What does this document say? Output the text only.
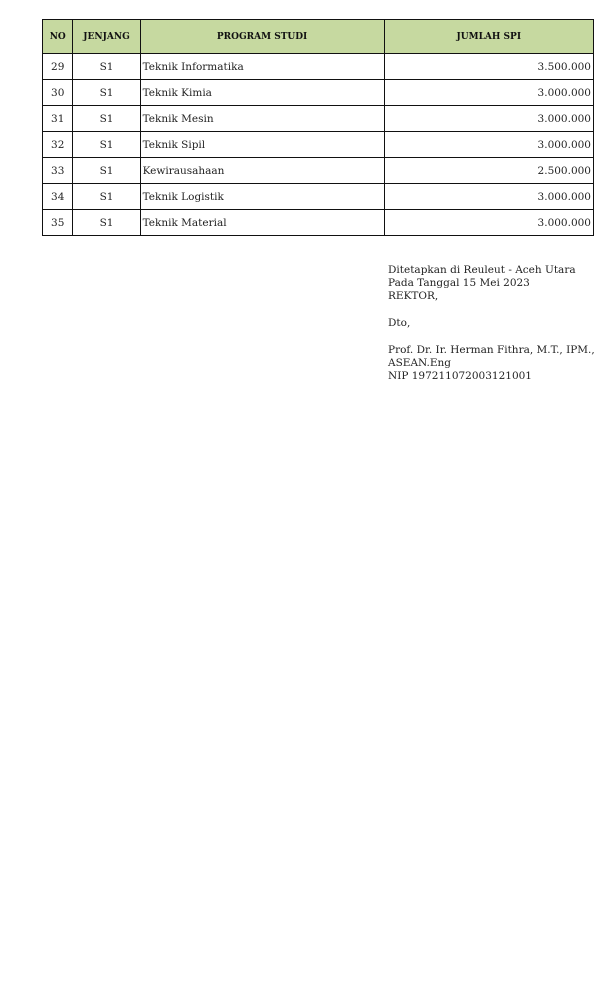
NO	JENJANG	PROGRAM STUDI	JUMLAH SPI
29	S1	Teknik Informatika	3.500.000
30	S1	Teknik Kimia	3.000.000
31	S1	Teknik Mesin	3.000.000
32	S1	Teknik Sipil	3.000.000
33	S1	Kewirausahaan	2.500.000
34	S1	Teknik Logistik	3.000.000
35	S1	Teknik Material	3.000.000
Ditetapkan di Reuleut - Aceh Utara
Pada Tanggal 15 Mei 2023
REKTOR,
Dto,
Prof. Dr. Ir. Herman Fithra, M.T., IPM.,
ASEAN.Eng
NIP 197211072003121001
